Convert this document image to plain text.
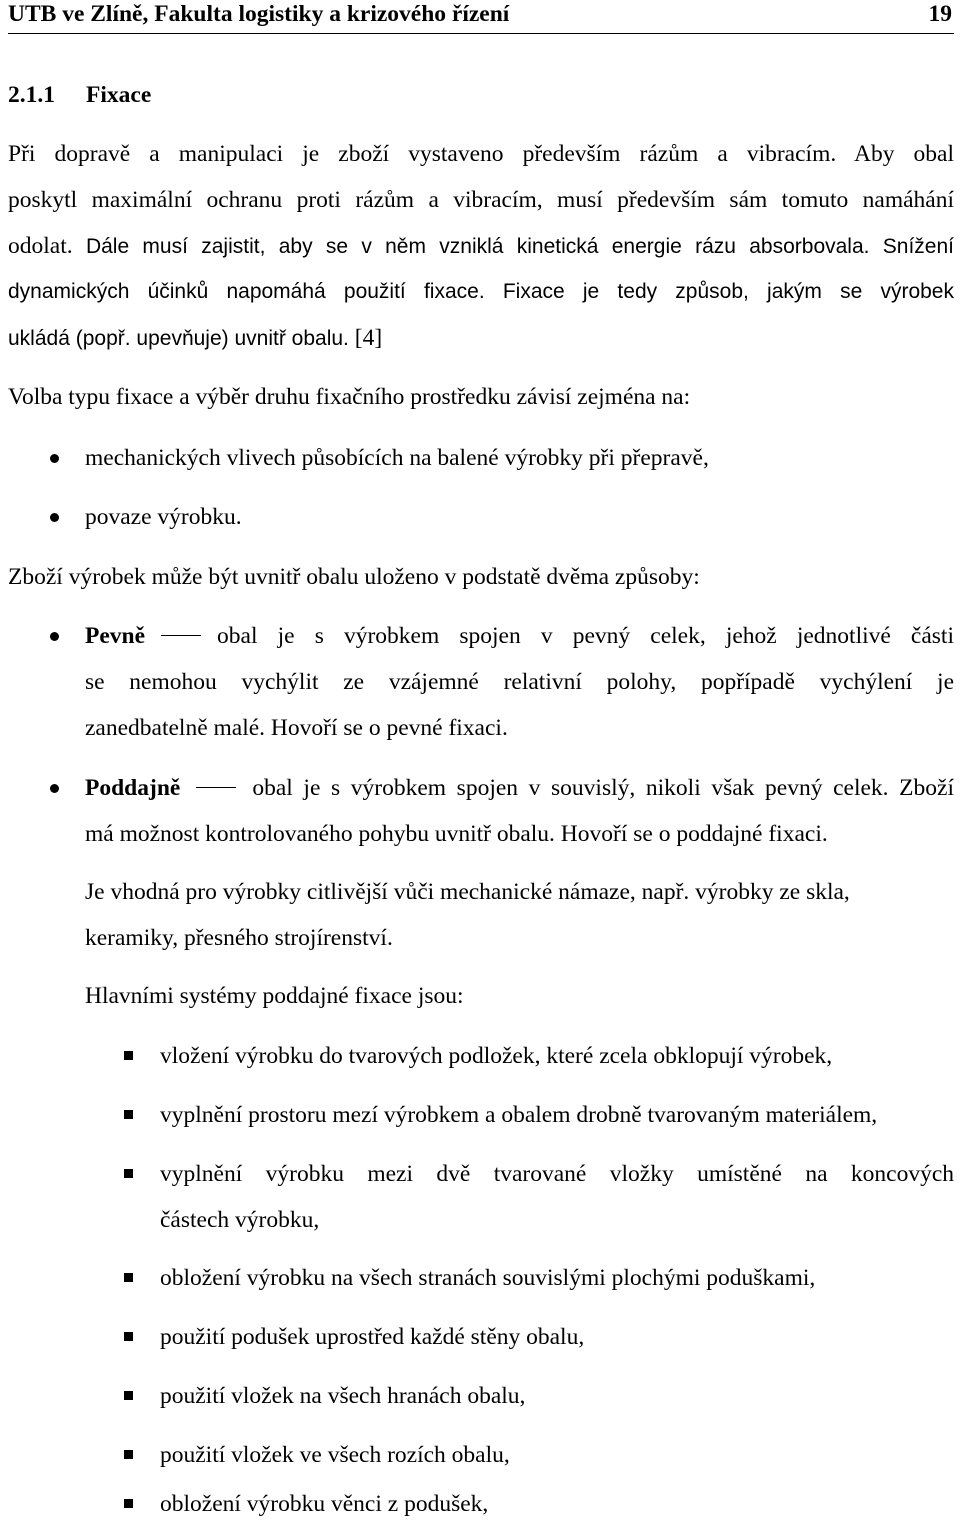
UTB ve Zlíně, Fakulta logistiky a krizového řízení	19
2.1.1 Fixace
Při dopravě a manipulaci je zboží vystaveno především rázům a vibracím. Aby obal
poskytl maximální ochranu proti rázům a vibracím, musí především sám tomuto namáhání
odolat. Dále musí zajistit, aby se v něm vzniklá kinetická energie rázu absorbovala. Snížení
dynamických účinků napomáhá použití fixace. Fixace je tedy způsob, jakým se výrobek
ukládá (popř. upevňuje) uvnitř obalu. [4]
Volba typu fixace a výběr druhu fixačního prostředku závisí zejména na:
mechanických vlivech působících na balené výrobky při přepravě,
povaze výrobku.
Zboží výrobek může být uvnitř obalu uloženo v podstatě dvěma způsoby:
Pevně	obal je s výrobkem spojen v pevný celek, jehož jednotlivé části
se nemohou vychýlit ze vzájemné relativní polohy, popřípadě vychýlení je
zanedbatelně malé. Hovoří se o pevné fixaci.
Poddajně	obal je s výrobkem spojen v souvislý, nikoli však pevný celek. Zboží
má možnost kontrolovaného pohybu uvnitř obalu. Hovoří se o poddajné fixaci.
Je vhodná pro výrobky citlivější vůči mechanické námaze, např. výrobky ze skla,
keramiky, přesného strojírenství.
Hlavními systémy poddajné fixace jsou:
vložení výrobku do tvarových podložek, které zcela obklopují výrobek,
vyplnění prostoru mezí výrobkem a obalem drobně tvarovaným materiálem,
vyplnění výrobku mezi dvě tvarované vložky umístěné na koncových
částech výrobku,
obložení výrobku na všech stranách souvislými plochými poduškami,
použití podušek uprostřed každé stěny obalu,
použití vložek na všech hranách obalu,
použití vložek ve všech rozích obalu,
obložení výrobku věnci z podušek,
